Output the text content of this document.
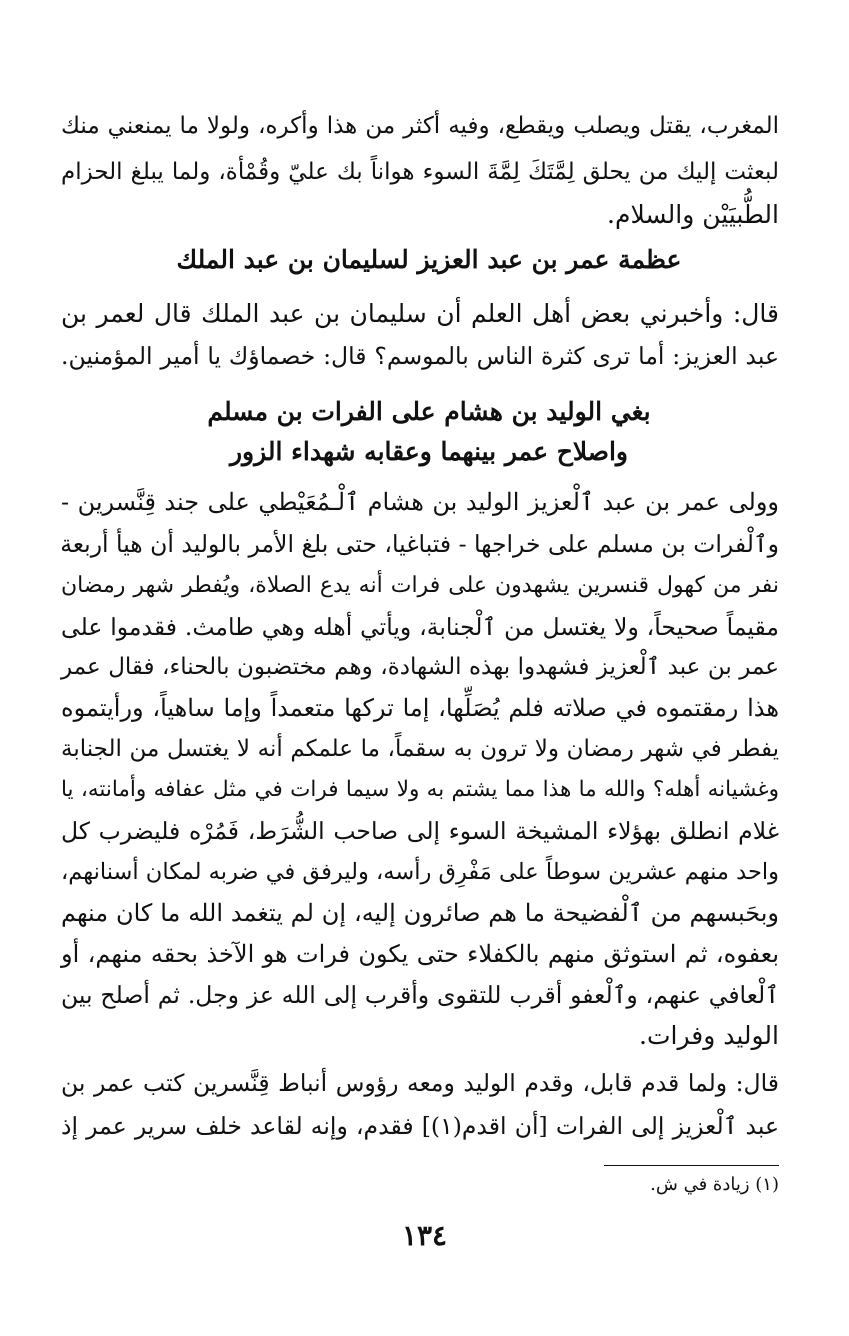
المغرب، يقتل ويصلب ويقطع، وفيه أكثر من هذا وأكره، ولولا ما يمنعني منك
لبعثت إليك من يحلق لِمَّتَكَ لِمَّةَ السوء هواناً بك عليّ وقُمْأة، ولما يبلغ الحزام
الطُّبيَيْن والسلام.
عظمة عمر بن عبد العزيز لسليمان بن عبد الملك
قال: وأخبرني بعض أهل العلم أن سليمان بن عبد الملك قال لعمر بن
عبد العزيز: أما ترى كثرة الناس بالموسم؟ قال: خصماؤك يا أمير المؤمنين.
بغي الوليد بن هشام على الفرات بن مسلم
واصلاح عمر بينهما وعقابه شهداء الزور
وولى عمر بن عبد ٱلْعزيز الوليد بن هشام ٱلْـمُعَيْطي على جند قِنَّسرين -
وٱلْفرات بن مسلم على خراجها - فتباغيا، حتى بلغ الأمر بالوليد أن هيأ أربعة
نفر من كهول قنسرين يشهدون على فرات أنه يدع الصلاة، ويُفطر شهر رمضان
مقيماً صحيحاً، ولا يغتسل من ٱلْجنابة، ويأتي أهله وهي طامث. فقدموا على
عمر بن عبد ٱلْعزيز فشهدوا بهذه الشهادة، وهم مختضبون بالحناء، فقال عمر
هذا رمقتموه في صلاته فلم يُصَلِّها، إما تركها متعمداً وإما ساهياً، ورأيتموه
يفطر في شهر رمضان ولا ترون به سقماً، ما علمكم أنه لا يغتسل من الجنابة
وغشيانه أهله؟ والله ما هذا مما يشتم به ولا سيما فرات في مثل عفافه وأمانته، يا
غلام انطلق بهؤلاء المشيخة السوء إلى صاحب الشُّرَط، فَمُرْه فليضرب كل
واحد منهم عشرين سوطاً على مَفْرِق رأسه، وليرفق في ضربه لمكان أسنانهم،
وبحَبسهم من ٱلْفضيحة ما هم صائرون إليه، إن لم يتغمد الله ما كان منهم
بعفوه، ثم استوثق منهم بالكفلاء حتى يكون فرات هو الآخذ بحقه منهم، أو
ٱلْعافي عنهم، وٱلْعفو أقرب للتقوى وأقرب إلى الله عز وجل. ثم أصلح بين
الوليد وفرات.
قال: ولما قدم قابل، وقدم الوليد ومعه رؤوس أنباط قِنَّسرين كتب عمر بن
عبد ٱلْعزيز إلى الفرات [أن اقدم(١)] فقدم، وإنه لقاعد خلف سرير عمر إذ
(١) زيادة في ش.
١٣٤
